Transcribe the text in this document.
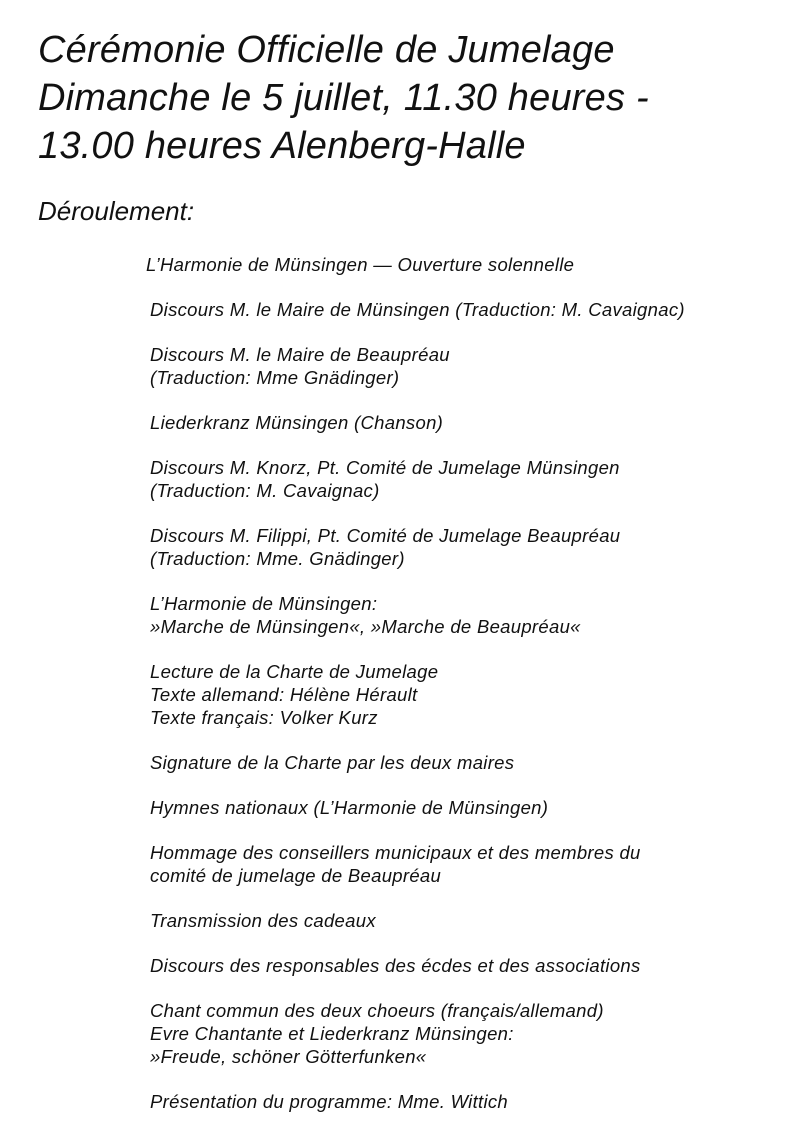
Cérémonie Officielle de Jumelage
Dimanche le 5 juillet, 11.30 heures -
13.00 heures Alenberg-Halle
Déroulement:
L’Harmonie de Münsingen — Ouverture solennelle
Discours M. le Maire de Münsingen (Traduction: M. Cavaignac)
Discours M. le Maire de Beaupréau
(Traduction: Mme Gnädinger)
Liederkranz Münsingen (Chanson)
Discours M. Knorz, Pt. Comité de Jumelage Münsingen
(Traduction: M. Cavaignac)
Discours M. Filippi, Pt. Comité de Jumelage Beaupréau
(Traduction: Mme. Gnädinger)
L’Harmonie de Münsingen:
»Marche de Münsingen«, »Marche de Beaupréau«
Lecture de la Charte de Jumelage
Texte allemand: Hélène Hérault
Texte français: Volker Kurz
Signature de la Charte par les deux maires
Hymnes nationaux (L’Harmonie de Münsingen)
Hommage des conseillers municipaux et des membres du
comité de jumelage de Beaupréau
Transmission des cadeaux
Discours des responsables des écdes et des associations
Chant commun des deux choeurs (français/allemand)
Evre Chantante et Liederkranz Münsingen:
»Freude, schöner Götterfunken«
Présentation du programme: Mme. Wittich
